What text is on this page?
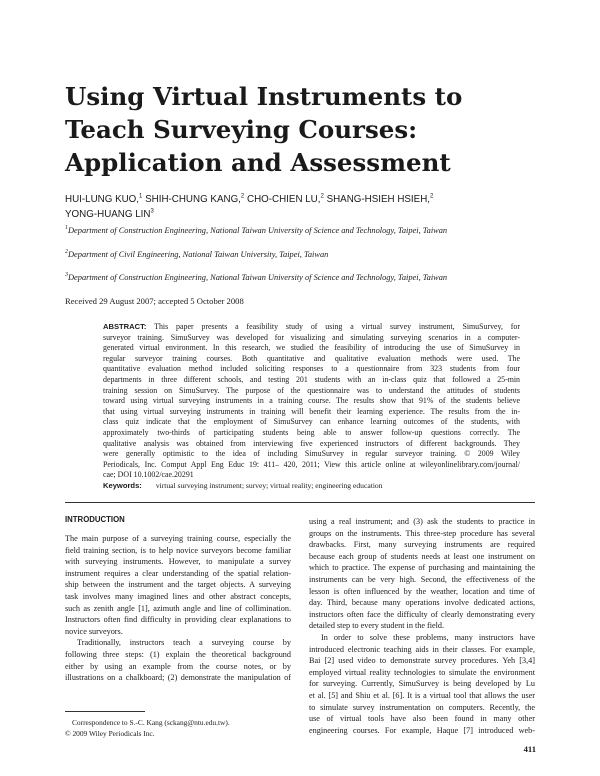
Using Virtual Instruments to
Teach Surveying Courses:
Application and Assessment
HUI-LUNG KUO,$^1$ SHIH-CHUNG KANG,$^2$ CHO-CHIEN LU,$^2$ SHANG-HSIEH HSIEH,$^2$
YONG-HUANG LIN$^3$
$^1$Department of Construction Engineering, National Taiwan University of Science and Technology, Taipei, Taiwan
$^2$Department of Civil Engineering, National Taiwan University, Taipei, Taiwan
$^3$Department of Construction Engineering, National Taiwan University of Science and Technology, Taipei, Taiwan
Received 29 August 2007; accepted 5 October 2008
ABSTRACT: This paper presents a feasibility study of using a virtual survey instrument, SimuSurvey, for
surveyor training. SimuSurvey was developed for visualizing and simulating surveying scenarios in a computer-
generated virtual environment. In this research, we studied the feasibility of introducing the use of SimuSurvey in
regular surveyor training courses. Both quantitative and qualitative evaluation methods were used. The
quantitative evaluation method included soliciting responses to a questionnaire from 323 students from four
departments in three different schools, and testing 201 students with an in-class quiz that followed a 25-min
training session on SimuSurvey. The purpose of the questionnaire was to understand the attitudes of students
toward using virtual surveying instruments in a training course. The results show that 91% of the students believe
that using virtual surveying instruments in training will benefit their learning experience. The results from the in-
class quiz indicate that the employment of SimuSurvey can enhance learning outcomes of the students, with
approximately two-thirds of participating students being able to answer follow-up questions correctly. The
qualitative analysis was obtained from interviewing five experienced instructors of different backgrounds. They
were generally optimistic to the idea of including SimuSurvey in regular surveyor training. © 2009 Wiley
Periodicals, Inc. Comput Appl Eng Educ 19: 411– 420, 2011; View this article online at wileyonlinelibrary.com/journal/
cae; DOI 10.1002/cae.20291
Keywords: virtual surveying instrument; survey; virtual reality; engineering education
INTRODUCTION
The main purpose of a surveying training course, especially the
field training section, is to help novice surveyors become familiar
with surveying instruments. However, to manipulate a survey
instrument requires a clear understanding of the spatial relation-
ship between the instrument and the target objects. A surveying
task involves many imagined lines and other abstract concepts,
such as zenith angle [1], azimuth angle and line of collimination.
Instructors often find difficulty in providing clear explanations to
novice surveyors.
Traditionally, instructors teach a surveying course by
following three steps: (1) explain the theoretical background
either by using an example from the course notes, or by
illustrations on a chalkboard; (2) demonstrate the manipulation of
using a real instrument; and (3) ask the students to practice in
groups on the instruments. This three-step procedure has several
drawbacks. First, many surveying instruments are required
because each group of students needs at least one instrument on
which to practice. The expense of purchasing and maintaining the
instruments can be very high. Second, the effectiveness of the
lesson is often influenced by the weather, location and time of
day. Third, because many operations involve dedicated actions,
instructors often face the difficulty of clearly demonstrating every
detailed step to every student in the field.
In order to solve these problems, many instructors have
introduced electronic teaching aids in their classes. For example,
Bai [2] used video to demonstrate survey procedures. Yeh [3,4]
employed virtual reality technologies to simulate the environment
for surveying. Currently, SimuSurvey is being developed by Lu
et al. [5] and Shiu et al. [6]. It is a virtual tool that allows the user
to simulate survey instrumentation on computers. Recently, the
use of virtual tools have also been found in many other
engineering courses. For example, Haque [7] introduced web-
Correspondence to S.-C. Kang (sckang@ntu.edu.tw).
© 2009 Wiley Periodicals Inc.
411
